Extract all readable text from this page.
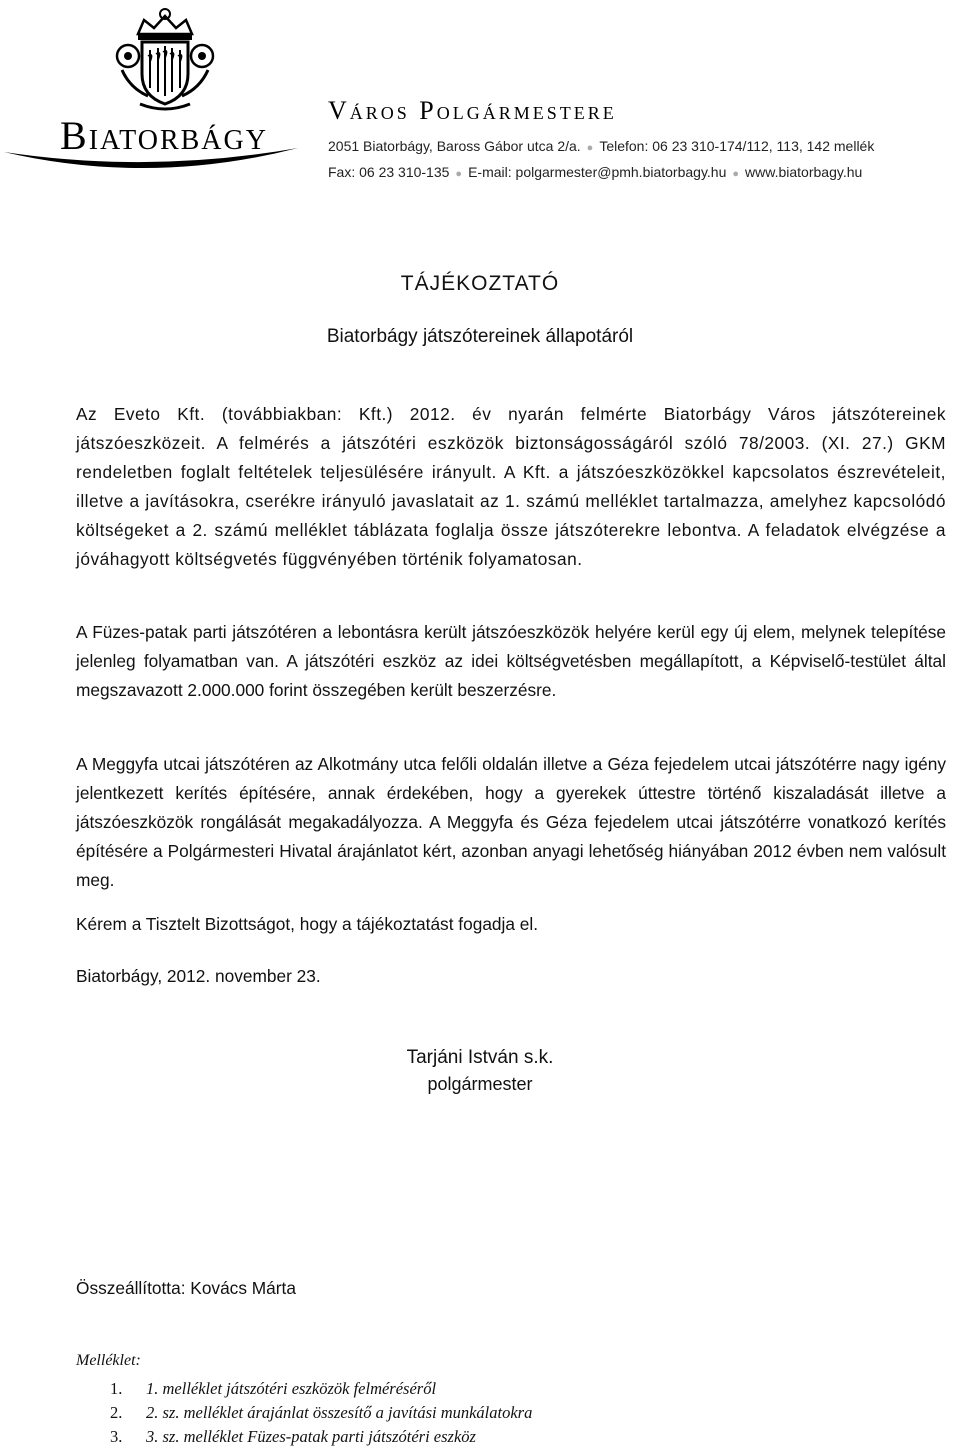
Biatorbágy
Város Polgármestere
2051 Biatorbágy, Baross Gábor utca 2/a. ● Telefon: 06 23 310-174/112, 113, 142 mellék
Fax: 06 23 310-135 ● E-mail: polgarmester@pmh.biatorbagy.hu ● www.biatorbagy.hu
TÁJÉKOZTATÓ
Biatorbágy játszótereinek állapotáról

Az Eveto Kft. (továbbiakban: Kft.) 2012. év nyarán felmérte Biatorbágy Város játszótereinek játszóeszközeit. A felmérés a játszótéri eszközök biztonságosságáról szóló 78/2003. (XI. 27.) GKM rendeletben foglalt feltételek teljesülésére irányult. A Kft. a játszóeszközökkel kapcsolatos észrevételeit, illetve a javításokra, cserékre irányuló javaslatait az 1. számú melléklet tartalmazza, amelyhez kapcsolódó költségeket a 2. számú melléklet táblázata foglalja össze játszóterekre lebontva. A feladatok elvégzése a jóváhagyott költségvetés függvényében történik folyamatosan.

A Füzes-patak parti játszótéren a lebontásra került játszóeszközök helyére kerül egy új elem, melynek telepítése jelenleg folyamatban van. A játszótéri eszköz az idei költségvetésben megállapított, a Képviselő-testület által megszavazott 2.000.000 forint összegében került beszerzésre.

A Meggyfa utcai játszótéren az Alkotmány utca felőli oldalán illetve a Géza fejedelem utcai játszótérre nagy igény jelentkezett kerítés építésére, annak érdekében, hogy a gyerekek úttestre történő kiszaladását illetve a játszóeszközök rongálását megakadályozza. A Meggyfa és Géza fejedelem utcai játszótérre vonatkozó kerítés építésére a Polgármesteri Hivatal árajánlatot kért, azonban anyagi lehetőség hiányában 2012 évben nem valósult meg.

Kérem a Tisztelt Bizottságot, hogy a tájékoztatást fogadja el.

Biatorbágy, 2012. november 23.
Tarjáni István s.k.
polgármester
Összeállította: Kovács Márta
Melléklet:
1. 1. melléklet játszótéri eszközök felméréséről
2. 2. sz. melléklet árajánlat összesítő a javítási munkálatokra
3. 3. sz. melléklet Füzes-patak parti játszótéri eszköz
